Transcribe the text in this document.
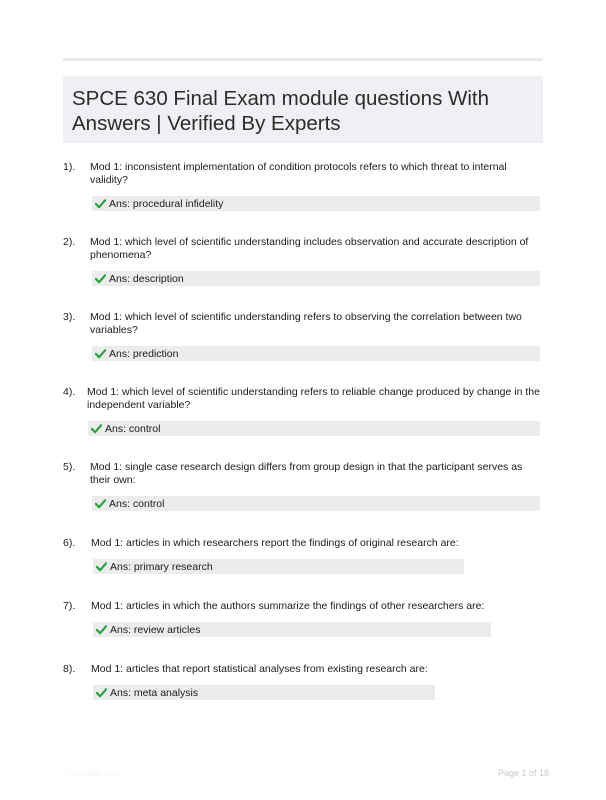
SPCE 630 Final Exam module questions With Answers | Verified By Experts
1).	Mod 1: inconsistent implementation of condition protocols refers to which threat to internal validity?
Ans: procedural infidelity
2).	Mod 1: which level of scientific understanding includes observation and accurate description of phenomena?
Ans: description
3).	Mod 1: which level of scientific understanding refers to observing the correlation between two variables?
Ans: prediction
4).	Mod 1: which level of scientific understanding refers to reliable change produced by change in the independent variable?
Ans: control
5).	Mod 1: single case research design differs from group design in that the participant serves as their own:
Ans: control
6).	Mod 1: articles in which researchers report the findings of original research are:
Ans: primary research
7).	Mod 1: articles in which the authors summarize the findings of other researchers are:
Ans: review articles
8).	Mod 1: articles that report statistical analyses from existing research are:
Ans: meta analysis
Paperlibe.com	Page 1 of 18
